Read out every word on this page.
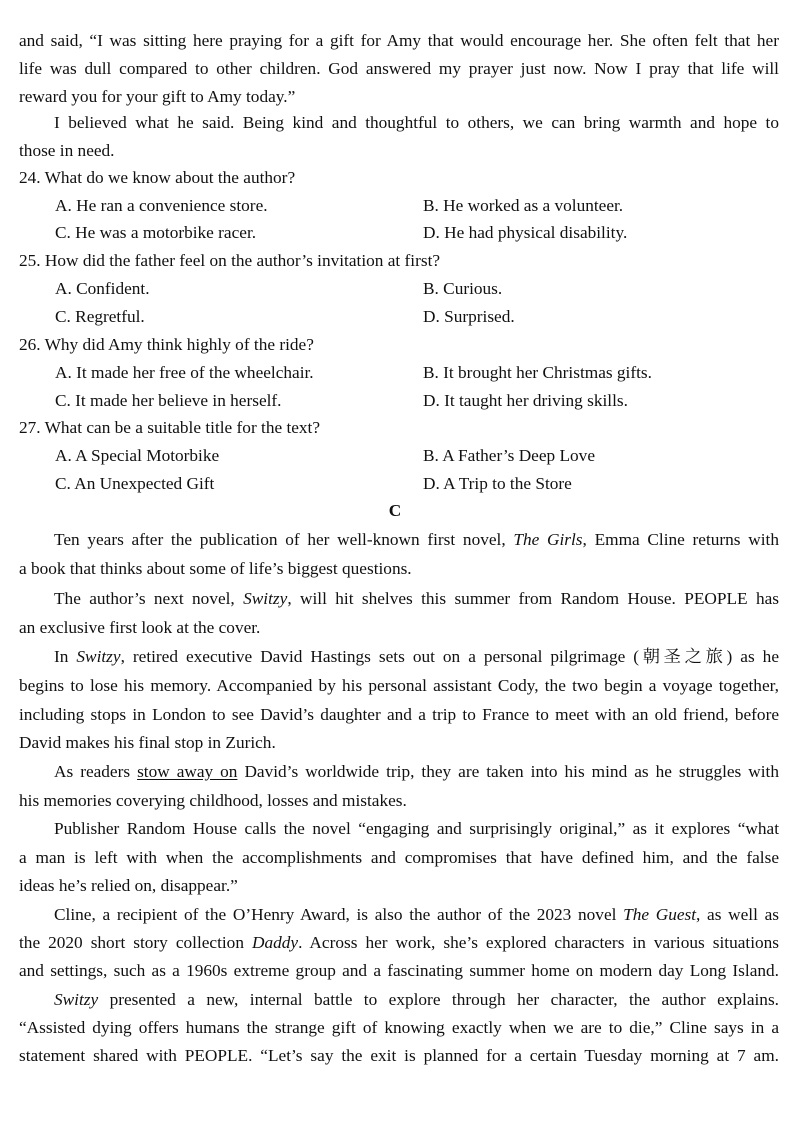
and said, “I was sitting here praying for a gift for Amy that would encourage her. She often felt that her
life was dull compared to other children. God answered my prayer just now. Now I pray that life will
reward you for your gift to Amy today.”
I believed what he said. Being kind and thoughtful to others, we can bring warmth and hope to
those in need.
24. What do we know about the author?
A. He ran a convenience store.	B. He worked as a volunteer.
C. He was a motorbike racer.	D. He had physical disability.
25. How did the father feel on the author’s invitation at first?
A. Confident.	B. Curious.
C. Regretful.	D. Surprised.
26. Why did Amy think highly of the ride?
A. It made her free of the wheelchair.	B. It brought her Christmas gifts.
C. It made her believe in herself.	D. It taught her driving skills.
27. What can be a suitable title for the text?
A. A Special Motorbike	B. A Father’s Deep Love
C. An Unexpected Gift	D. A Trip to the Store
C
Ten years after the publication of her well-known first novel, The Girls, Emma Cline returns with
a book that thinks about some of life’s biggest questions.
The author’s next novel, Switzy, will hit shelves this summer from Random House. PEOPLE has
an exclusive first look at the cover.
In Switzy, retired executive David Hastings sets out on a personal pilgrimage (朝圣之旅) as he
begins to lose his memory. Accompanied by his personal assistant Cody, the two begin a voyage together,
including stops in London to see David’s daughter and a trip to France to meet with an old friend, before
David makes his final stop in Zurich.
As readers stow away on David’s worldwide trip, they are taken into his mind as he struggles with
his memories coverying childhood, losses and mistakes.
Publisher Random House calls the novel “engaging and surprisingly original,” as it explores “what
a man is left with when the accomplishments and compromises that have defined him, and the false
ideas he’s relied on, disappear.”
Cline, a recipient of the O’Henry Award, is also the author of the 2023 novel The Guest, as well as
the 2020 short story collection Daddy. Across her work, she’s explored characters in various situations
and settings, such as a 1960s extreme group and a fascinating summer home on modern day Long Island.
Switzy presented a new, internal battle to explore through her character, the author explains.
“Assisted dying offers humans the strange gift of knowing exactly when we are to die,” Cline says in a
statement shared with PEOPLE. “Let’s say the exit is planned for a certain Tuesday morning at 7 am.
